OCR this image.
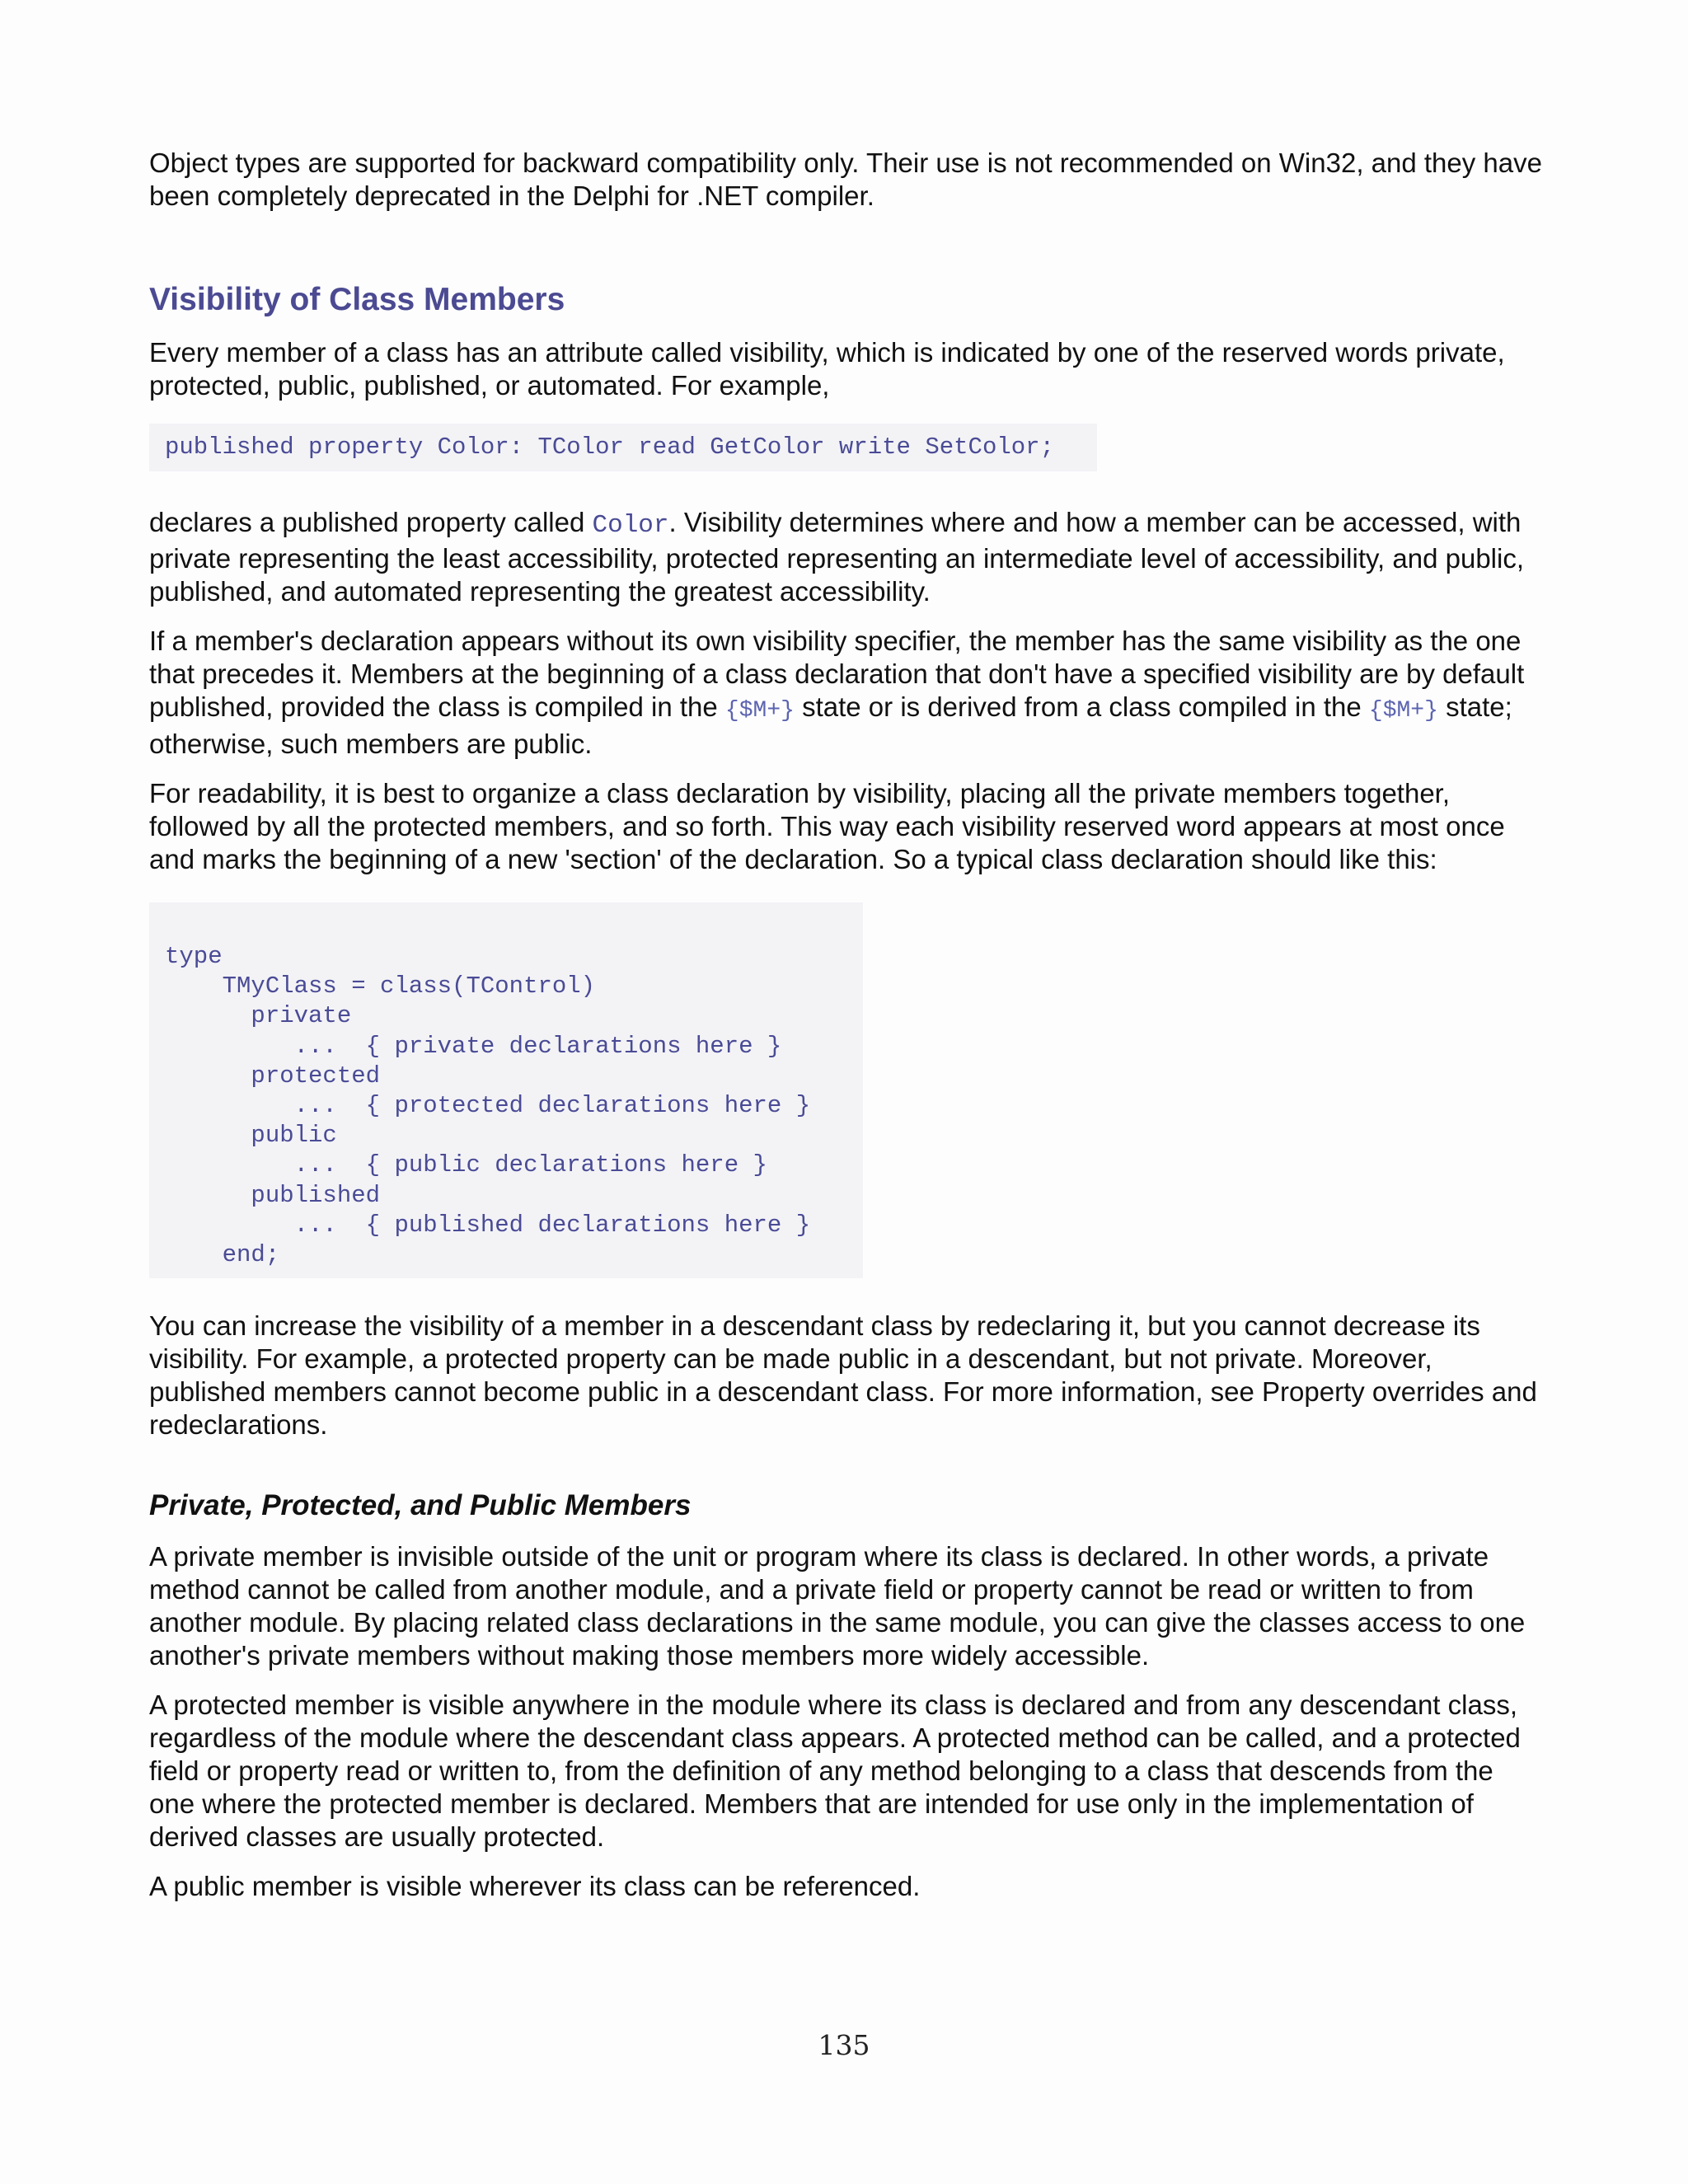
Object types are supported for backward compatibility only. Their use is not recommended on Win32, and they have been completely deprecated in the Delphi for .NET compiler.

Visibility of Class Members

Every member of a class has an attribute called visibility, which is indicated by one of the reserved words private, protected, public, published, or automated. For example,

published property Color: TColor read GetColor write SetColor;

declares a published property called Color. Visibility determines where and how a member can be accessed, with private representing the least accessibility, protected representing an intermediate level of accessibility, and public, published, and automated representing the greatest accessibility.

If a member's declaration appears without its own visibility specifier, the member has the same visibility as the one that precedes it. Members at the beginning of a class declaration that don't have a specified visibility are by default published, provided the class is compiled in the {$M+} state or is derived from a class compiled in the {$M+} state; otherwise, such members are public.

For readability, it is best to organize a class declaration by visibility, placing all the private members together, followed by all the protected members, and so forth. This way each visibility reserved word appears at most once and marks the beginning of a new 'section' of the declaration. So a typical class declaration should like this:

type
TMyClass = class(TControl)
private
...  { private declarations here }
protected
...  { protected declarations here }
public
...  { public declarations here }
published
...  { published declarations here }
end;

You can increase the visibility of a member in a descendant class by redeclaring it, but you cannot decrease its visibility. For example, a protected property can be made public in a descendant, but not private. Moreover, published members cannot become public in a descendant class. For more information, see Property overrides and redeclarations.

Private, Protected, and Public Members

A private member is invisible outside of the unit or program where its class is declared. In other words, a private method cannot be called from another module, and a private field or property cannot be read or written to from another module. By placing related class declarations in the same module, you can give the classes access to one another's private members without making those members more widely accessible.

A protected member is visible anywhere in the module where its class is declared and from any descendant class, regardless of the module where the descendant class appears. A protected method can be called, and a protected field or property read or written to, from the definition of any method belonging to a class that descends from the one where the protected member is declared. Members that are intended for use only in the implementation of derived classes are usually protected.

A public member is visible wherever its class can be referenced.

135
